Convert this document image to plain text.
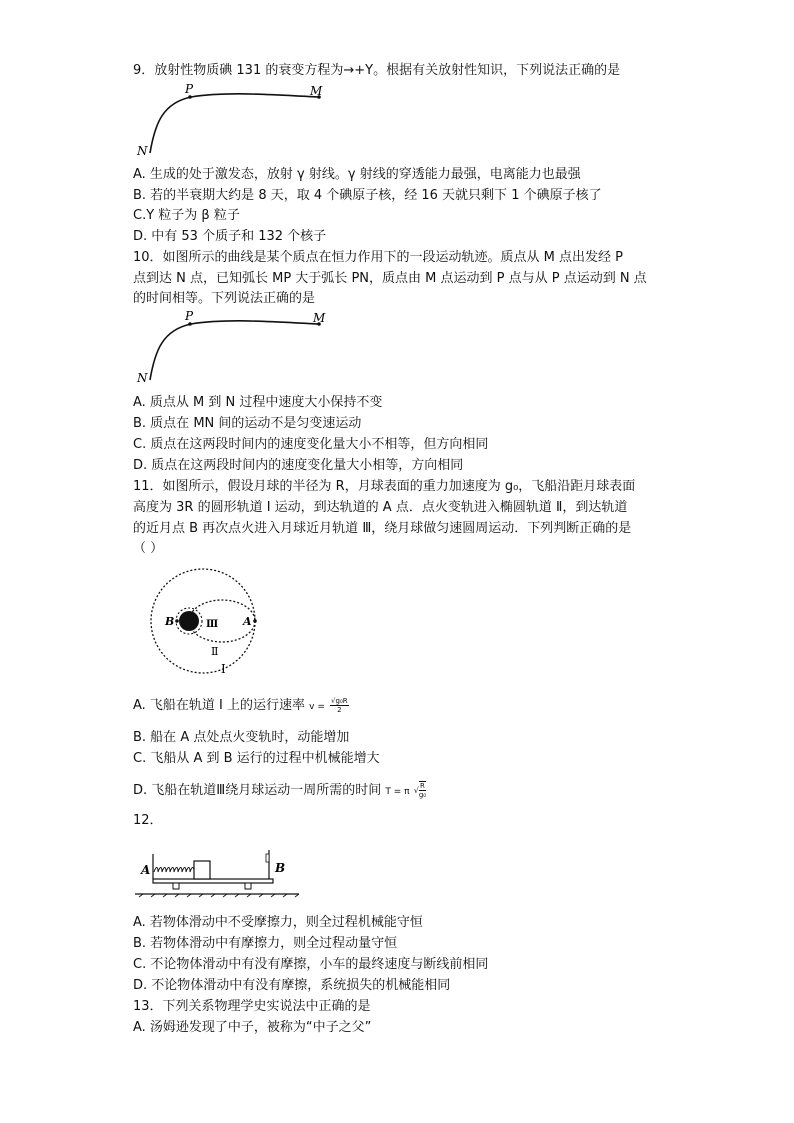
9．放射性物质碘 131 的衰变方程为→+Y。根据有关放射性知识，下列说法正确的是
P	M
N
A. 生成的处于激发态，放射 γ 射线。γ 射线的穿透能力最强，电离能力也最强
B. 若的半衰期大约是 8 天，取 4 个碘原子核，经 16 天就只剩下 1 个碘原子核了
C.Y 粒子为 β 粒子
D. 中有 53 个质子和 132 个核子
10．如图所示的曲线是某个质点在恒力作用下的一段运动轨迹。质点从 M 点出发经 P
点到达 N 点，已知弧长 MP 大于弧长 PN，质点由 M 点运动到 P 点与从 P 点运动到 N 点
的时间相等。下列说法正确的是
P	M
N
A. 质点从 M 到 N 过程中速度大小保持不变
B. 质点在 MN 间的运动不是匀变速运动
C. 质点在这两段时间内的速度变化量大小不相等，但方向相同
D. 质点在这两段时间内的速度变化量大小相等，方向相同
11．如图所示，假设月球的半径为 R，月球表面的重力加速度为 g₀，飞船沿距月球表面
高度为 3R 的圆形轨道 Ⅰ 运动，到达轨道的 A 点．点火变轨进入椭圆轨道 Ⅱ，到达轨道
的近月点 B 再次点火进入月球近月轨道 Ⅲ，绕月球做匀速圆周运动．下列判断正确的是
（ ）
B	A
Ⅲ
Ⅱ
Ⅰ
A. 飞船在轨道 Ⅰ 上的运行速率 $v = \frac{\text{√g₀R}}{2}$
B. 船在 A 点处点火变轨时，动能增加
C. 飞船从 A 到 B 运行的过程中机械能增大
D. 飞船在轨道Ⅲ绕月球运动一周所需的时间 T = π √ $\frac{R}{\text{g₀}}$
12．
A	B
A. 若物体滑动中不受摩擦力，则全过程机械能守恒
B. 若物体滑动中有摩擦力，则全过程动量守恒
C. 不论物体滑动中有没有摩擦，小车的最终速度与断线前相同
D. 不论物体滑动中有没有摩擦，系统损失的机械能相同
13．下列关系物理学史实说法中正确的是
A. 汤姆逊发现了中子，被称为“中子之父”
